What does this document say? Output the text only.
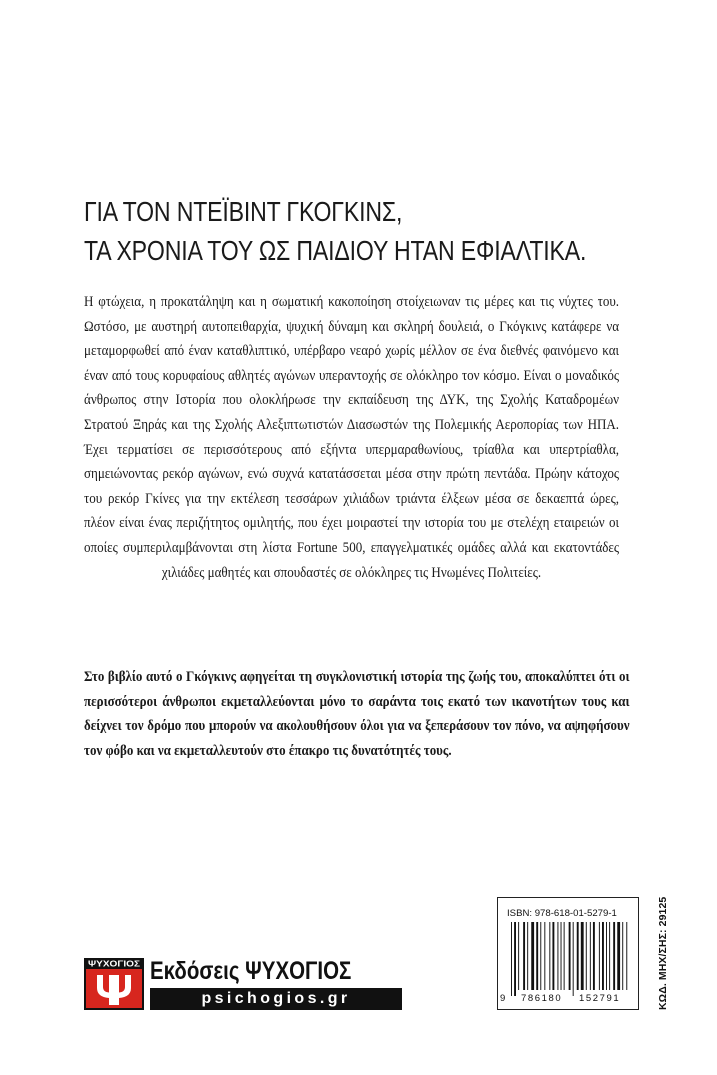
ΓΙΑ ΤΟΝ ΝΤΕΪΒΙΝΤ ΓΚΟΓΚΙΝΣ,
ΤΑ ΧΡΟΝΙΑ ΤΟΥ ΩΣ ΠΑΙΔΙΟΥ ΗΤΑΝ ΕΦΙΑΛΤΙΚΑ.

Η φτώχεια, η προκατάληψη και η σωματική κακοποίηση στοίχειωναν τις μέρες και τις νύχτες του. Ωστόσο, με αυστηρή αυτοπειθαρχία, ψυχική δύναμη και σκληρή δουλειά, ο Γκόγκινς κατάφερε να μεταμορφωθεί από έναν καταθλιπτικό, υπέρβαρο νεαρό χωρίς μέλλον σε ένα διεθνές φαινόμενο και έναν από τους κορυφαίους αθλητές αγώνων υπεραντοχής σε ολόκληρο τον κόσμο. Είναι ο μοναδικός άνθρωπος στην Ιστορία που ολοκλήρωσε την εκπαίδευση της ΔΥΚ, της Σχολής Καταδρομέων Στρατού Ξηράς και της Σχολής Αλεξιπτωτιστών Διασωστών της Πολεμικής Αεροπορίας των ΗΠΑ. Έχει τερματίσει σε περισσότερους από εξήντα υπερμαραθωνίους, τρίαθλα και υπερτρίαθλα, σημειώνοντας ρεκόρ αγώνων, ενώ συχνά κατατάσσεται μέσα στην πρώτη πεντάδα. Πρώην κάτοχος του ρεκόρ Γκίνες για την εκτέλεση τεσσάρων χιλιάδων τριάντα έλξεων μέσα σε δεκαεπτά ώρες, πλέον είναι ένας περιζήτητος ομιλητής, που έχει μοιραστεί την ιστορία του με στελέχη εταιρειών οι οποίες συμπεριλαμβάνονται στη λίστα Fortune 500, επαγγελματικές ομάδες αλλά και εκατοντάδες χιλιάδες μαθητές και σπουδαστές σε ολόκληρες τις Ηνωμένες Πολιτείες.

Στο βιβλίο αυτό ο Γκόγκινς αφηγείται τη συγκλονιστική ιστορία της ζωής του, αποκαλύπτει ότι οι περισσότεροι άνθρωποι εκμεταλλεύονται μόνο το σαράντα τοις εκατό των ικανοτήτων τους και δείχνει τον δρόμο που μπορούν να ακολουθήσουν όλοι για να ξεπεράσουν τον πόνο, να αψηφήσουν τον φόβο και να εκμεταλλευτούν στο έπακρο τις δυνατότητές τους.

ΨΥΧΟΓΙΟΣ Εκδόσεις ΨΥΧΟΓΙΟΣ
psichogios.gr
ISBN: 978-618-01-5279-1
9 786180 152791	ΚΩΔ. ΜΗΧ/ΣΗΣ: 29125
